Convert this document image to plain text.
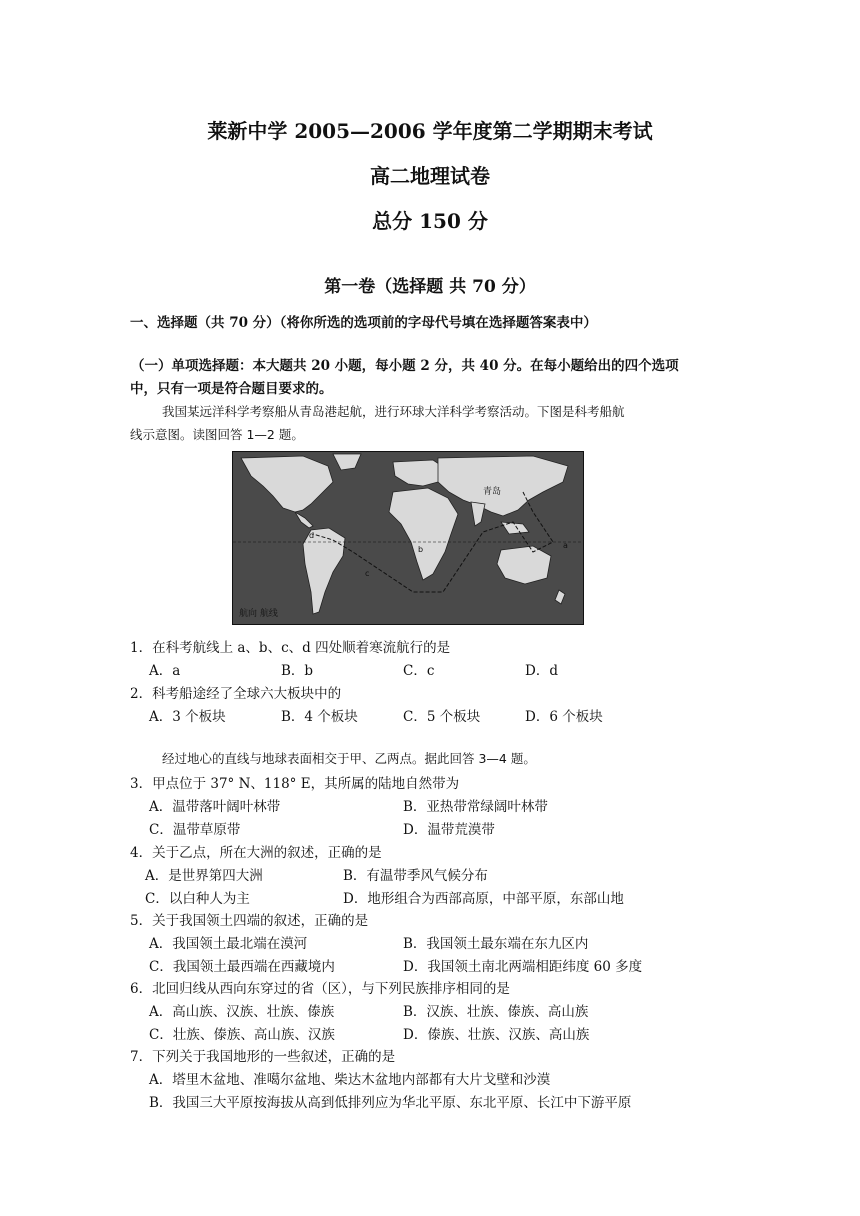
莱新中学 2005—2006 学年度第二学期期末考试
高二地理试卷
总分 150 分
第一卷（选择题 共 70 分）
一、选择题（共 70 分）（将你所选的选项前的字母代号填在选择题答案表中）
（一）单项选择题：本大题共 20 小题，每小题 2 分，共 40 分。在每小题给出的四个选项
中，只有一项是符合题目要求的。
我国某远洋科学考察船从青岛港起航，进行环球大洋科学考察活动。下图是科考船航
线示意图。读图回答 1—2 题。
青岛
a
b
c
d
航向 航线
1．在科考航线上 a、b、c、d 四处顺着寒流航行的是
A．a	B．b	C．c	D．d
2．科考船途经了全球六大板块中的
A．3 个板块	B．4 个板块	C．5 个板块	D．6 个板块
经过地心的直线与地球表面相交于甲、乙两点。据此回答 3—4 题。
3．甲点位于 37° N、118° E，其所属的陆地自然带为
A．温带落叶阔叶林带	B．亚热带常绿阔叶林带
C．温带草原带	D．温带荒漠带
4．关于乙点，所在大洲的叙述，正确的是
A．是世界第四大洲	B．有温带季风气候分布
C．以白种人为主	D．地形组合为西部高原，中部平原，东部山地
5．关于我国领土四端的叙述，正确的是
A．我国领土最北端在漠河	B．我国领土最东端在东九区内
C．我国领土最西端在西藏境内	D．我国领土南北两端相距纬度 60 多度
6．北回归线从西向东穿过的省（区），与下列民族排序相同的是
A．高山族、汉族、壮族、傣族	B．汉族、壮族、傣族、高山族
C．壮族、傣族、高山族、汉族	D．傣族、壮族、汉族、高山族
7．下列关于我国地形的一些叙述，正确的是
A．塔里木盆地、准噶尔盆地、柴达木盆地内部都有大片戈壁和沙漠
B．我国三大平原按海拔从高到低排列应为华北平原、东北平原、长江中下游平原
